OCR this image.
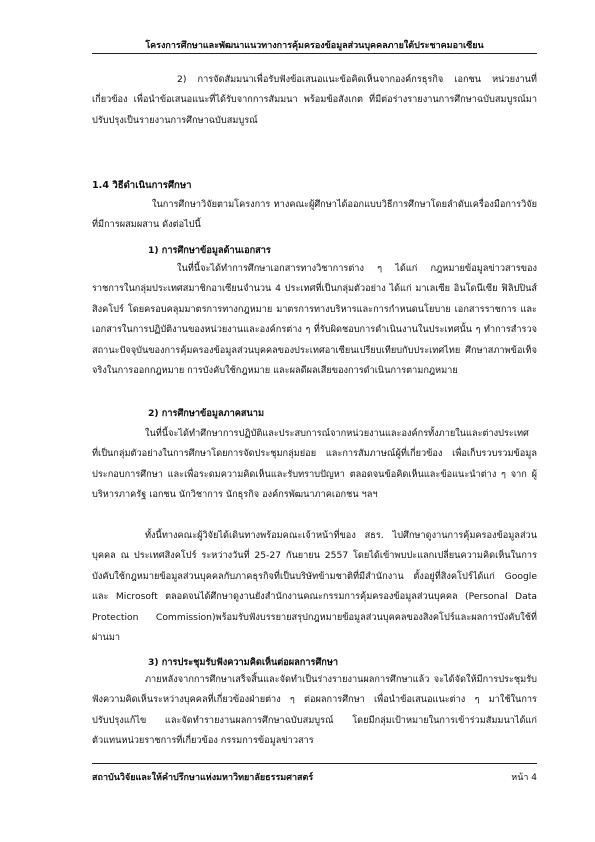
โครงการศึกษาและพัฒนาแนวทางการคุ้มครองข้อมูลส่วนบุคคลภายใต้ประชาคมอาเซียน

2) การจัดสัมมนาเพื่อรับฟังข้อเสนอแนะข้อคิดเห็นจากองค์กรธุรกิจ เอกชน หน่วยงานที่เกี่ยวข้อง เพื่อนำข้อเสนอแนะที่ได้รับจากการสัมมนา พร้อมข้อสังเกต ที่มีต่อร่างรายงานการศึกษาฉบับสมบูรณ์มาปรับปรุงเป็นรายงานการศึกษาฉบับสมบูรณ์

1.4 วิธีดำเนินการศึกษา

ในการศึกษาวิจัยตามโครงการ ทางคณะผู้ศึกษาได้ออกแบบวิธีการศึกษาโดยลำดับเครื่องมือการวิจัยที่มีการผสมผสาน ดังต่อไปนี้

1) การศึกษาข้อมูลด้านเอกสาร

ในที่นี้จะได้ทำการศึกษาเอกสารทางวิชาการต่าง ๆ ได้แก่ กฎหมายข้อมูลข่าวสารของราชการในกลุ่มประเทศสมาชิกอาเซียนจำนวน 4 ประเทศที่เป็นกลุ่มตัวอย่าง ได้แก่ มาเลเซีย อินโดนีเซีย ฟิลิปปินส์ สิงคโปร์ โดยครอบคลุมมาตรการทางกฎหมาย มาตรการทางบริหารและการกำหนดนโยบาย เอกสารราชการ และเอกสารในการปฏิบัติงานของหน่วยงานและองค์กรต่าง ๆ ที่รับผิดชอบการดำเนินงานในประเทศนั้น ๆ ทำการสำรวจสถานะปัจจุบันของการคุ้มครองข้อมูลส่วนบุคคลของประเทศอาเซียนเปรียบเทียบกับประเทศไทย ศึกษาสภาพข้อเท็จจริงในการออกกฎหมาย การบังคับใช้กฎหมาย และผลดีผลเสียของการดำเนินการตามกฎหมาย

2) การศึกษาข้อมูลภาคสนาม

ในที่นี้จะได้ทำศึกษาการปฏิบัติและประสบการณ์จากหน่วยงานและองค์กรทั้งภายในและต่างประเทศ ที่เป็นกลุ่มตัวอย่างในการศึกษาโดยการจัดประชุมกลุ่มย่อย และการสัมภาษณ์ผู้ที่เกี่ยวข้อง เพื่อเก็บรวบรวมข้อมูลประกอบการศึกษา และเพื่อระดมความคิดเห็นและรับทราบปัญหา ตลอดจนข้อคิดเห็นและข้อแนะนำต่าง ๆ จาก ผู้บริหารภาครัฐ เอกชน นักวิชาการ นักธุรกิจ องค์กรพัฒนาภาคเอกชน ฯลฯ

ทั้งนี้ทางคณะผู้วิจัยได้เดินทางพร้อมคณะเจ้าหน้าที่ของ สธร. ไปศึกษาดูงานการคุ้มครองข้อมูลส่วนบุคคล ณ ประเทศสิงคโปร์ ระหว่างวันที่ 25-27 กันยายน 2557 โดยได้เข้าพบปะแลกเปลี่ยนความคิดเห็นในการบังคับใช้กฎหมายข้อมูลส่วนบุคคลกับภาคธุรกิจที่เป็นบริษัทข้ามชาติที่มีสำนักงาน ตั้งอยู่ที่สิงคโปร์ได้แก่ Google และ Microsoft ตลอดจนได้ศึกษาดูงานยังสำนักงานคณะกรรมการคุ้มครองข้อมูลส่วนบุคคล (Personal Data Protection Commission)พร้อมรับฟังบรรยายสรุปกฎหมายข้อมูลส่วนบุคคลของสิงคโปร์และผลการบังคับใช้ที่ผ่านมา

3) การประชุมรับฟังความคิดเห็นต่อผลการศึกษา

ภายหลังจากการศึกษาเสร็จสิ้นและจัดทำเป็นร่างรายงานผลการศึกษาแล้ว จะได้จัดให้มีการประชุมรับฟังความคิดเห็นระหว่างบุคคลที่เกี่ยวข้องฝ่ายต่าง ๆ ต่อผลการศึกษา เพื่อนำข้อเสนอแนะต่าง ๆ มาใช้ในการปรับปรุงแก้ไข และจัดทำรายงานผลการศึกษาฉบับสมบูรณ์ โดยมีกลุ่มเป้าหมายในการเข้าร่วมสัมมนาได้แก่ ตัวแทนหน่วยราชการที่เกี่ยวข้อง กรรมการข้อมูลข่าวสาร

สถาบันวิจัยและให้คำปรึกษาแห่งมหาวิทยาลัยธรรมศาสตร์	หน้า 4
